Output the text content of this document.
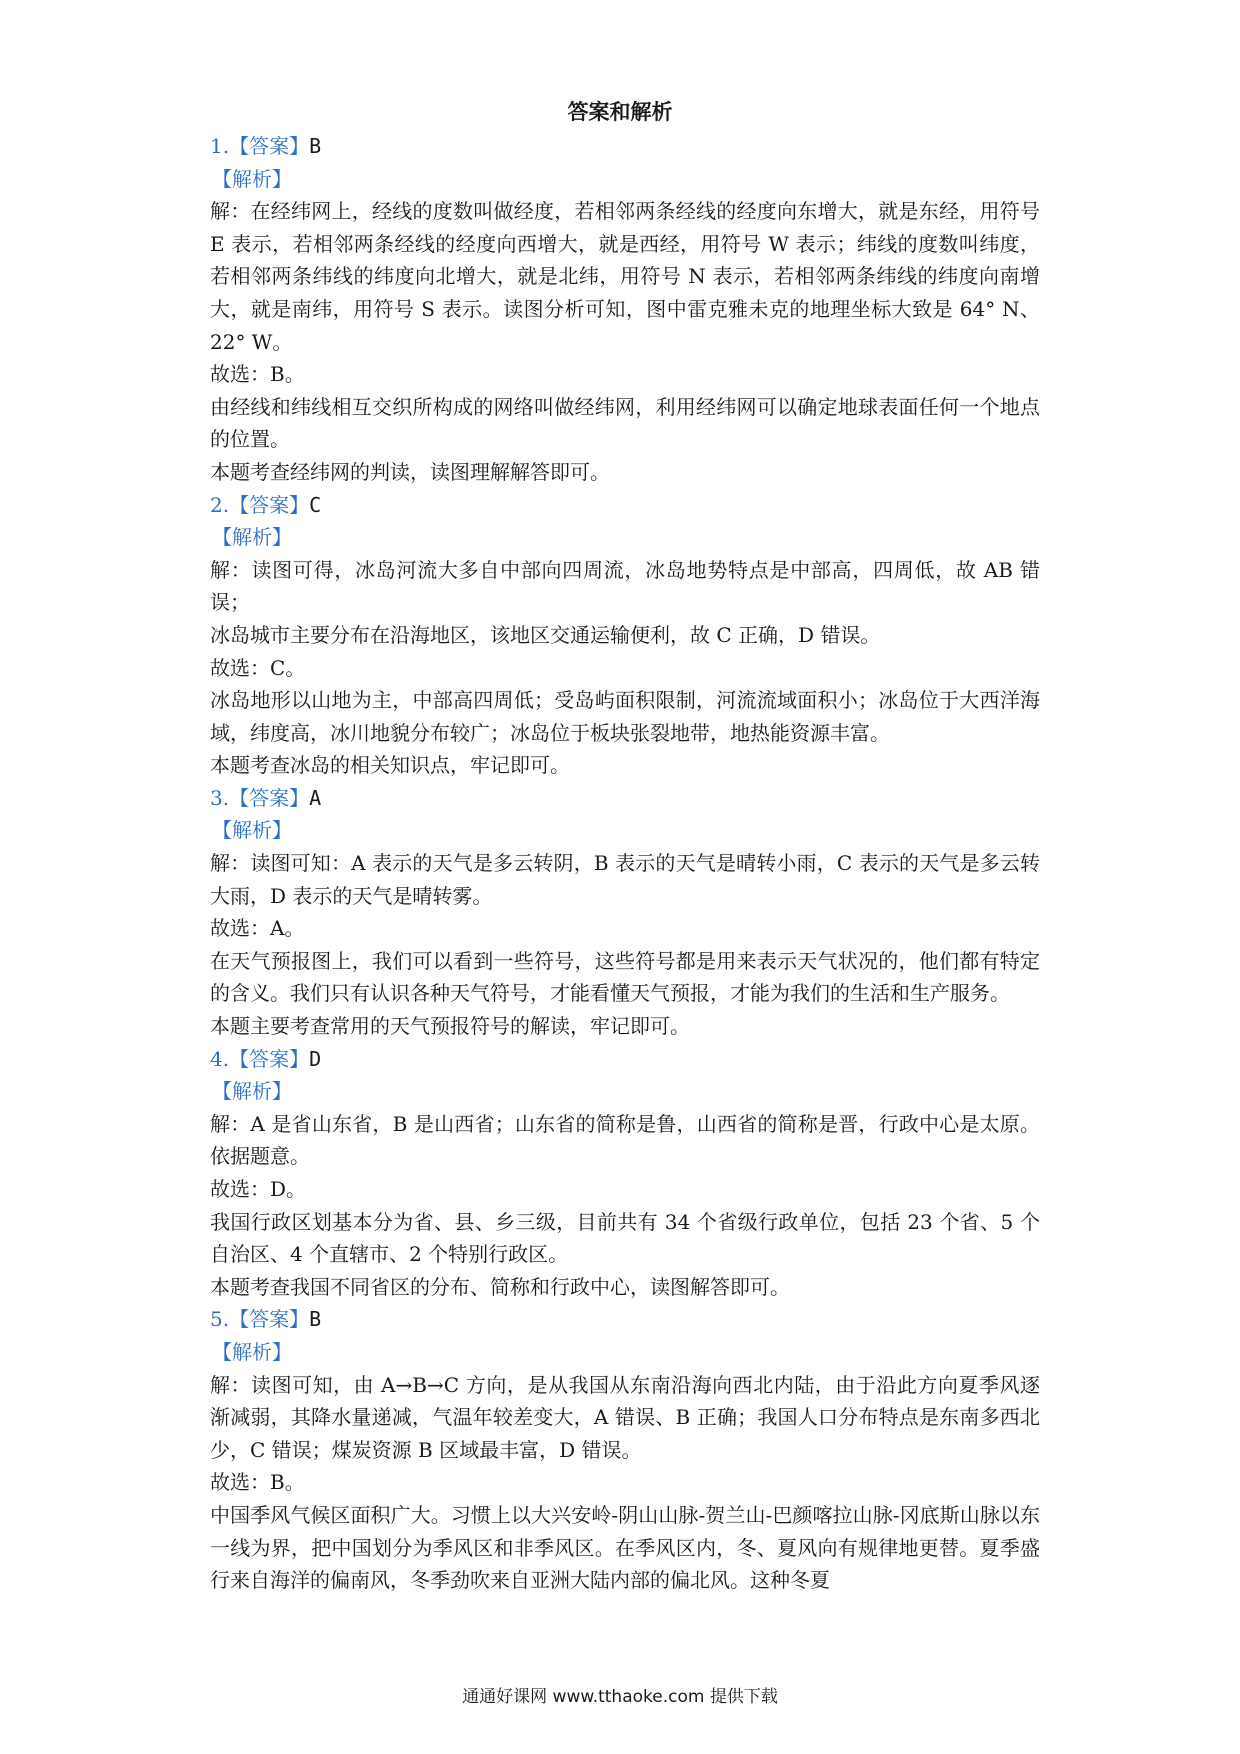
答案和解析

1.【答案】B

【解析】

解：在经纬网上，经线的度数叫做经度，若相邻两条经线的经度向东增大，就是东经，用符号 E 表示，若相邻两条经线的经度向西增大，就是西经，用符号 W 表示；纬线的度数叫纬度，若相邻两条纬线的纬度向北增大，就是北纬，用符号 N 表示，若相邻两条纬线的纬度向南增大，就是南纬，用符号 S 表示。读图分析可知，图中雷克雅未克的地理坐标大致是 64° N、22° W。

故选：B。

由经线和纬线相互交织所构成的网络叫做经纬网，利用经纬网可以确定地球表面任何一个地点的位置。

本题考查经纬网的判读，读图理解解答即可。

2.【答案】C

【解析】

解：读图可得，冰岛河流大多自中部向四周流，冰岛地势特点是中部高，四周低，故 AB 错误；

冰岛城市主要分布在沿海地区，该地区交通运输便利，故 C 正确，D 错误。

故选：C。

冰岛地形以山地为主，中部高四周低；受岛屿面积限制，河流流域面积小；冰岛位于大西洋海域，纬度高，冰川地貌分布较广；冰岛位于板块张裂地带，地热能资源丰富。

本题考查冰岛的相关知识点，牢记即可。

3.【答案】A

【解析】

解：读图可知：A 表示的天气是多云转阴，B 表示的天气是晴转小雨，C 表示的天气是多云转大雨，D 表示的天气是晴转雾。

故选：A。

在天气预报图上，我们可以看到一些符号，这些符号都是用来表示天气状况的，他们都有特定的含义。我们只有认识各种天气符号，才能看懂天气预报，才能为我们的生活和生产服务。

本题主要考查常用的天气预报符号的解读，牢记即可。

4.【答案】D

【解析】

解：A 是省山东省，B 是山西省；山东省的简称是鲁，山西省的简称是晋，行政中心是太原。依据题意。

故选：D。

我国行政区划基本分为省、县、乡三级，目前共有 34 个省级行政单位，包括 23 个省、5 个自治区、4 个直辖市、2 个特别行政区。

本题考查我国不同省区的分布、简称和行政中心，读图解答即可。

5.【答案】B

【解析】

解：读图可知，由 A→B→C 方向，是从我国从东南沿海向西北内陆，由于沿此方向夏季风逐渐减弱，其降水量递减，气温年较差变大，A 错误、B 正确；我国人口分布特点是东南多西北少，C 错误；煤炭资源 B 区域最丰富，D 错误。

故选：B。

中国季风气候区面积广大。习惯上以大兴安岭-阴山山脉-贺兰山-巴颜喀拉山脉-冈底斯山脉以东一线为界，把中国划分为季风区和非季风区。在季风区内，冬、夏风向有规律地更替。夏季盛行来自海洋的偏南风，冬季劲吹来自亚洲大陆内部的偏北风。这种冬夏

通通好课网 www.tthaoke.com 提供下载
